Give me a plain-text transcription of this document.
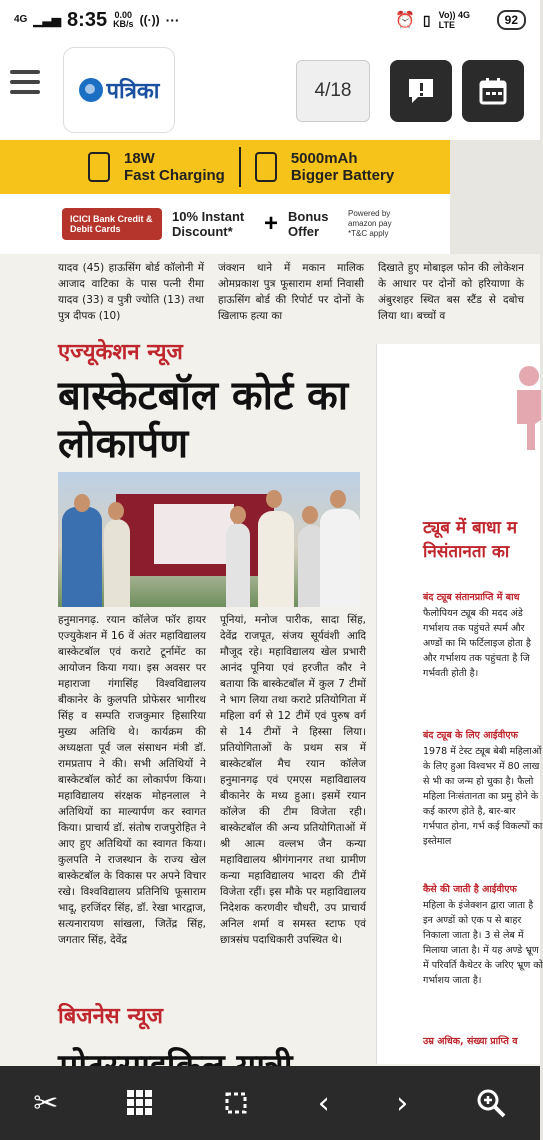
4G ▁▃▅ 8:35 0.00
KB/s ((·)) ···	⏰ ▯ Vo)) 4G LTE	92
पत्रिका	4/18
18W
Fast Charging
5000mAh
Bigger Battery
ICICI Bank Credit & Debit Cards
10% Instant Discount*	+ Bonus Offer
Powered by amazon pay *T&C apply
यादव (45) हाऊसिंग बोर्ड कॉलोनी में आजाद वाटिका के पास पत्नी रीमा यादव (33) व पुत्री ज्योति (13) तथा पुत्र दीपक (10)
जंक्शन थाने में मकान मालिक ओमप्रकाश पुत्र फूसाराम शर्मा निवासी हाऊसिंग बोर्ड की रिपोर्ट पर दोनों के खिलाफ हत्या का
दिखाते हुए मोबाइल फोन की लोकेशन के आधार पर दोनों को हरियाणा के अंबुरशहर स्थित बस स्टैंड से दबोच लिया था। बच्चों व
एज्यूकेशन न्यूज
बास्केटबॉल कोर्ट का लोकार्पण
हनुमानगढ़. रयान कॉलेज फॉर हायर एज्युकेशन में 16 वें अंतर महाविद्यालय बास्केटबॉल एवं कराटे टूर्नामेंट का आयोजन किया गया। इस अवसर पर महाराजा गंगासिंह विश्वविद्यालय बीकानेर के कुलपति प्रोफेसर भागीरथ सिंह व सम्पति राजकुमार हिसारिया मुख्य अतिथि थे। कार्यक्रम की अध्यक्षता पूर्व जल संसाधन मंत्री डॉ. रामप्रताप ने की। सभी अतिथियों ने बास्केटबॉल कोर्ट का लोकार्पण किया। महाविद्यालय संरक्षक मोहनलाल ने अतिथियों का माल्यार्पण कर स्वागत किया। प्राचार्य डॉ. संतोष राजपुरोहित ने आए हुए अतिथियों का स्वागत किया। कुलपति ने राजस्थान के राज्य खेल बास्केटबॉल के विकास पर अपने विचार रखे। विश्वविद्यालय प्रतिनिधि फूसाराम भादू, हरजिंदर सिंह, डॉ. रेखा भारद्वाज, सत्यनारायण सांखला, जितेंद्र सिंह, जगतार सिंह, देवेंद्र
पूनियां, मनोज पारीक, सादा सिंह, देवेंद्र राजपूत, संजय सूर्यवंशी आदि मौजूद रहे। महाविद्यालय खेल प्रभारी आनंद पूनिया एवं हरजीत कौर ने बताया कि बास्केटबॉल में कुल 7 टीमों ने भाग लिया तथा कराटे प्रतियोगिता में महिला वर्ग से 12 टीमें एवं पुरुष वर्ग से 14 टीमों ने हिस्सा लिया। प्रतियोगिताओं के प्रथम सत्र में बास्केटबॉल मैच रयान कॉलेज हनुमानगढ़ एवं एमएस महाविद्यालय बीकानेर के मध्य हुआ। इसमें रयान कॉलेज की टीम विजेता रही। बास्केटबॉल की अन्य प्रतियोगिताओं में श्री आत्म वल्लभ जैन कन्या महाविद्यालय श्रीगंगानगर तथा ग्रामीण कन्या महाविद्यालय भादरा की टीमें विजेता रहीं। इस मौके पर महाविद्यालय निदेशक करणवीर चौधरी, उप प्राचार्य अनिल शर्मा व समस्त स्टाफ एवं छात्रसंघ पदाधिकारी उपस्थित थे।
ट्यूब में बाधा म निसंतानता का
बंद ट्यूब संतानप्राप्ति में बाध
फैलोपियन ट्यूब की मदद अंडे गर्भाशय तक पहुंचते स्पर्म और अण्डों का मि फर्टिलाइज होता है और गर्भाशय तक पहुंचता है जि गर्भवती होती है।
बंद ट्यूब के लिए आईवीएफ
1978 में टेस्ट ट्यूब बेबी महिलाओं के लिए हुआ विश्वभर में 80 लाख से भी का जन्म हो चुका है। फैलो महिला निःसंतानता का प्रमु होने के कई कारण होते है, बार-बार गर्भपात होना, गर्भ कई विकल्पों का इस्तेमाल
कैसे की जाती है आईवीएफ
महिला के इंजेक्शन द्वारा जाता है इन अण्डों को एक प से बाहर निकाला जाता है। 3 से लेब में मिलाया जाता है। में यह अण्डे भ्रूण में परिवर्ति कैथेटर के जरिए भ्रूण को गर्भाशय जाता है।
उम्र अधिक, संख्या प्राप्ति व
बिजनेस न्यूज
✂	‹ ›
